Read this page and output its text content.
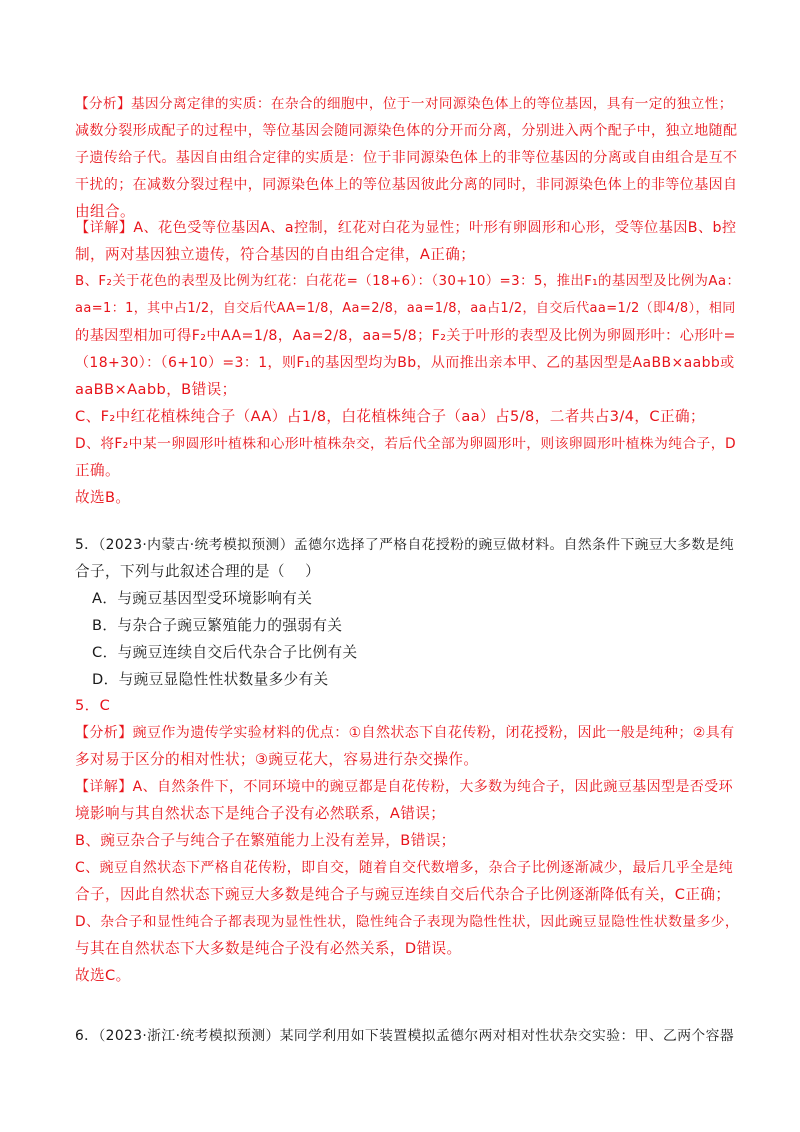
【分析】基因分离定律的实质：在杂合的细胞中，位于一对同源染色体上的等位基因，具有一定的独立性；
减数分裂形成配子的过程中，等位基因会随同源染色体的分开而分离，分别进入两个配子中，独立地随配
子遗传给子代。基因自由组合定律的实质是：位于非同源染色体上的非等位基因的分离或自由组合是互不
干扰的；在减数分裂过程中，同源染色体上的等位基因彼此分离的同时，非同源染色体上的非等位基因自
由组合。
【详解】A、花色受等位基因A、a控制，红花对白花为显性；叶形有卵圆形和心形，受等位基因B、b控
制，两对基因独立遗传，符合基因的自由组合定律，A正确；
B、F₂关于花色的表型及比例为红花：白花花=（18+6）：（30+10）=3：5，推出F₁的基因型及比例为Aa：
aa=1：1，其中占1/2，自交后代AA=1/8，Aa=2/8，aa=1/8，aa占1/2，自交后代aa=1/2（即4/8），相同
的基因型相加可得F₂中AA=1/8，Aa=2/8，aa=5/8；F₂关于叶形的表型及比例为卵圆形叶：心形叶=
（18+30）：（6+10）=3：1，则F₁的基因型均为Bb，从而推出亲本甲、乙的基因型是AaBB×aabb或
aaBB×Aabb，B错误；
C、F₂中红花植株纯合子（AA）占1/8，白花植株纯合子（aa）占5/8，二者共占3/4，C正确；
D、将F₂中某一卵圆形叶植株和心形叶植株杂交，若后代全部为卵圆形叶，则该卵圆形叶植株为纯合子，D
正确。
故选B。
5．（2023·内蒙古·统考模拟预测）孟德尔选择了严格自花授粉的豌豆做材料。自然条件下豌豆大多数是纯
合子，下列与此叙述合理的是（    ）
A．与豌豆基因型受环境影响有关
B．与杂合子豌豆繁殖能力的强弱有关
C．与豌豆连续自交后代杂合子比例有关
D．与豌豆显隐性性状数量多少有关
5．C
【分析】豌豆作为遗传学实验材料的优点：①自然状态下自花传粉，闭花授粉，因此一般是纯种；②具有
多对易于区分的相对性状；③豌豆花大，容易进行杂交操作。
【详解】A、自然条件下，不同环境中的豌豆都是自花传粉，大多数为纯合子，因此豌豆基因型是否受环
境影响与其自然状态下是纯合子没有必然联系，A错误；
B、豌豆杂合子与纯合子在繁殖能力上没有差异，B错误；
C、豌豆自然状态下严格自花传粉，即自交，随着自交代数增多，杂合子比例逐渐减少，最后几乎全是纯
合子，因此自然状态下豌豆大多数是纯合子与豌豆连续自交后代杂合子比例逐渐降低有关，C正确；
D、杂合子和显性纯合子都表现为显性性状，隐性纯合子表现为隐性性状，因此豌豆显隐性性状数量多少，
与其在自然状态下大多数是纯合子没有必然关系，D错误。
故选C。
6．（2023·浙江·统考模拟预测）某同学利用如下装置模拟孟德尔两对相对性状杂交实验：甲、乙两个容器
